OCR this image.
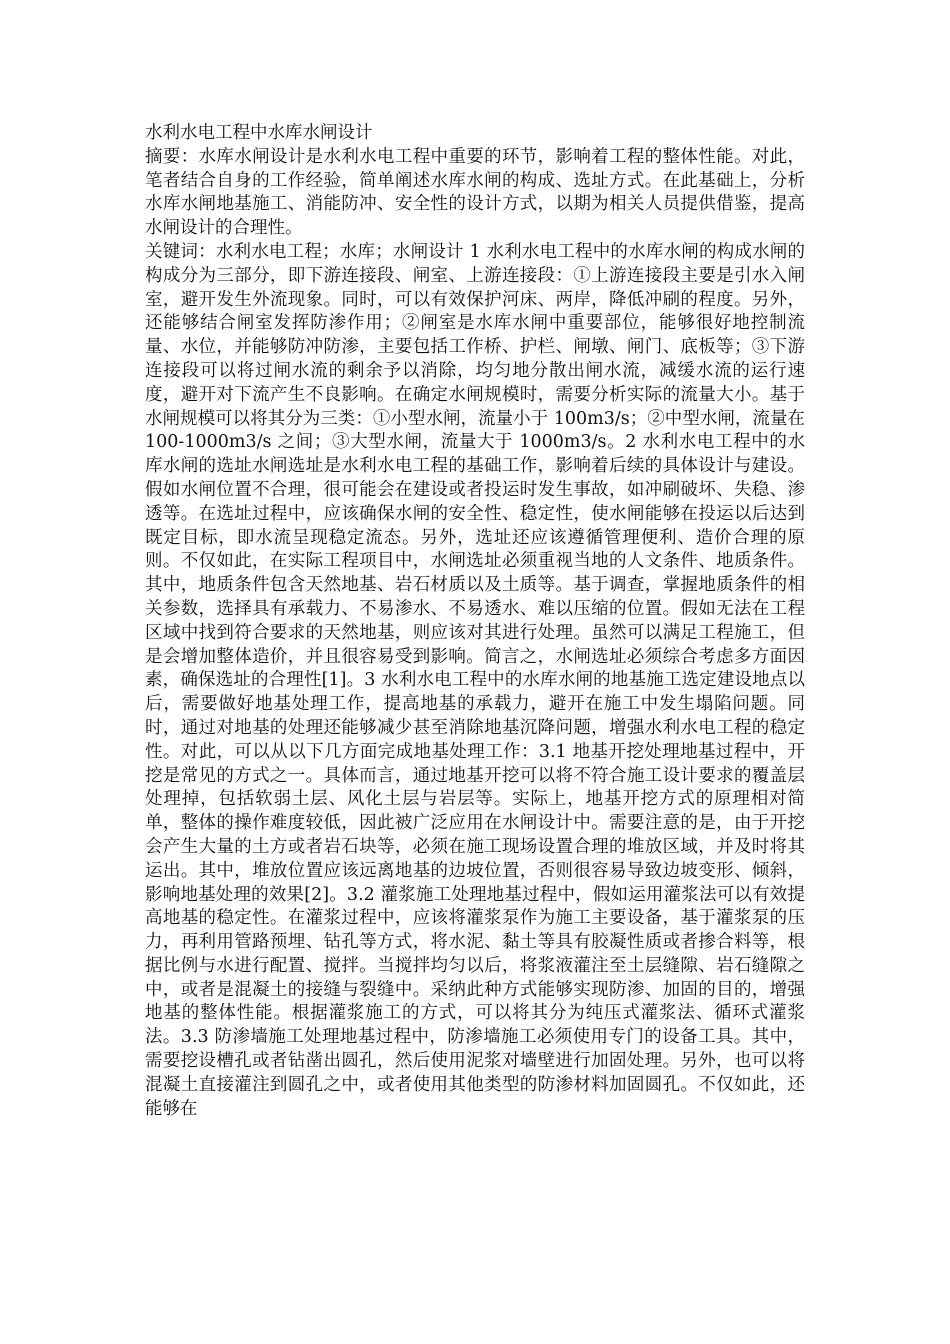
水利水电工程中水库水闸设计

摘要：水库水闸设计是水利水电工程中重要的环节，影响着工程的整体性能。对此，笔者结合自身的工作经验，简单阐述水库水闸的构成、选址方式。在此基础上，分析水库水闸地基施工、消能防冲、安全性的设计方式，以期为相关人员提供借鉴，提高水闸设计的合理性。

关键词：水利水电工程；水库；水闸设计 1 水利水电工程中的水库水闸的构成水闸的构成分为三部分，即下游连接段、闸室、上游连接段：①上游连接段主要是引水入闸室，避开发生外流现象。同时，可以有效保护河床、两岸，降低冲刷的程度。另外，还能够结合闸室发挥防渗作用；②闸室是水库水闸中重要部位，能够很好地控制流量、水位，并能够防冲防渗，主要包括工作桥、护栏、闸墩、闸门、底板等；③下游连接段可以将过闸水流的剩余予以消除，均匀地分散出闸水流，减缓水流的运行速度，避开对下流产生不良影响。在确定水闸规模时，需要分析实际的流量大小。基于水闸规模可以将其分为三类：①小型水闸，流量小于 100m3/s；②中型水闸，流量在 100-1000m3/s 之间；③大型水闸，流量大于 1000m3/s。2 水利水电工程中的水库水闸的选址水闸选址是水利水电工程的基础工作，影响着后续的具体设计与建设。假如水闸位置不合理，很可能会在建设或者投运时发生事故，如冲刷破坏、失稳、渗透等。在选址过程中，应该确保水闸的安全性、稳定性，使水闸能够在投运以后达到既定目标，即水流呈现稳定流态。另外，选址还应该遵循管理便利、造价合理的原则。不仅如此，在实际工程项目中，水闸选址必须重视当地的人文条件、地质条件。其中，地质条件包含天然地基、岩石材质以及土质等。基于调查，掌握地质条件的相关参数，选择具有承载力、不易渗水、不易透水、难以压缩的位置。假如无法在工程区域中找到符合要求的天然地基，则应该对其进行处理。虽然可以满足工程施工，但是会增加整体造价，并且很容易受到影响。简言之，水闸选址必须综合考虑多方面因素，确保选址的合理性[1]。3 水利水电工程中的水库水闸的地基施工选定建设地点以后，需要做好地基处理工作，提高地基的承载力，避开在施工中发生塌陷问题。同时，通过对地基的处理还能够减少甚至消除地基沉降问题，增强水利水电工程的稳定性。对此，可以从以下几方面完成地基处理工作：3.1 地基开挖处理地基过程中，开挖是常见的方式之一。具体而言，通过地基开挖可以将不符合施工设计要求的覆盖层处理掉，包括软弱土层、风化土层与岩层等。实际上，地基开挖方式的原理相对简单，整体的操作难度较低，因此被广泛应用在水闸设计中。需要注意的是，由于开挖会产生大量的土方或者岩石块等，必须在施工现场设置合理的堆放区域，并及时将其运出。其中，堆放位置应该远离地基的边坡位置，否则很容易导致边坡变形、倾斜，影响地基处理的效果[2]。3.2 灌浆施工处理地基过程中，假如运用灌浆法可以有效提高地基的稳定性。在灌浆过程中，应该将灌浆泵作为施工主要设备，基于灌浆泵的压力，再利用管路预埋、钻孔等方式，将水泥、黏土等具有胶凝性质或者掺合料等，根据比例与水进行配置、搅拌。当搅拌均匀以后，将浆液灌注至土层缝隙、岩石缝隙之中，或者是混凝土的接缝与裂缝中。采纳此种方式能够实现防渗、加固的目的，增强地基的整体性能。根据灌浆施工的方式，可以将其分为纯压式灌浆法、循环式灌浆法。3.3 防渗墙施工处理地基过程中，防渗墙施工必须使用专门的设备工具。其中，需要挖设槽孔或者钻凿出圆孔，然后使用泥浆对墙壁进行加固处理。另外，也可以将混凝土直接灌注到圆孔之中，或者使用其他类型的防渗材料加固圆孔。不仅如此，还能够在
